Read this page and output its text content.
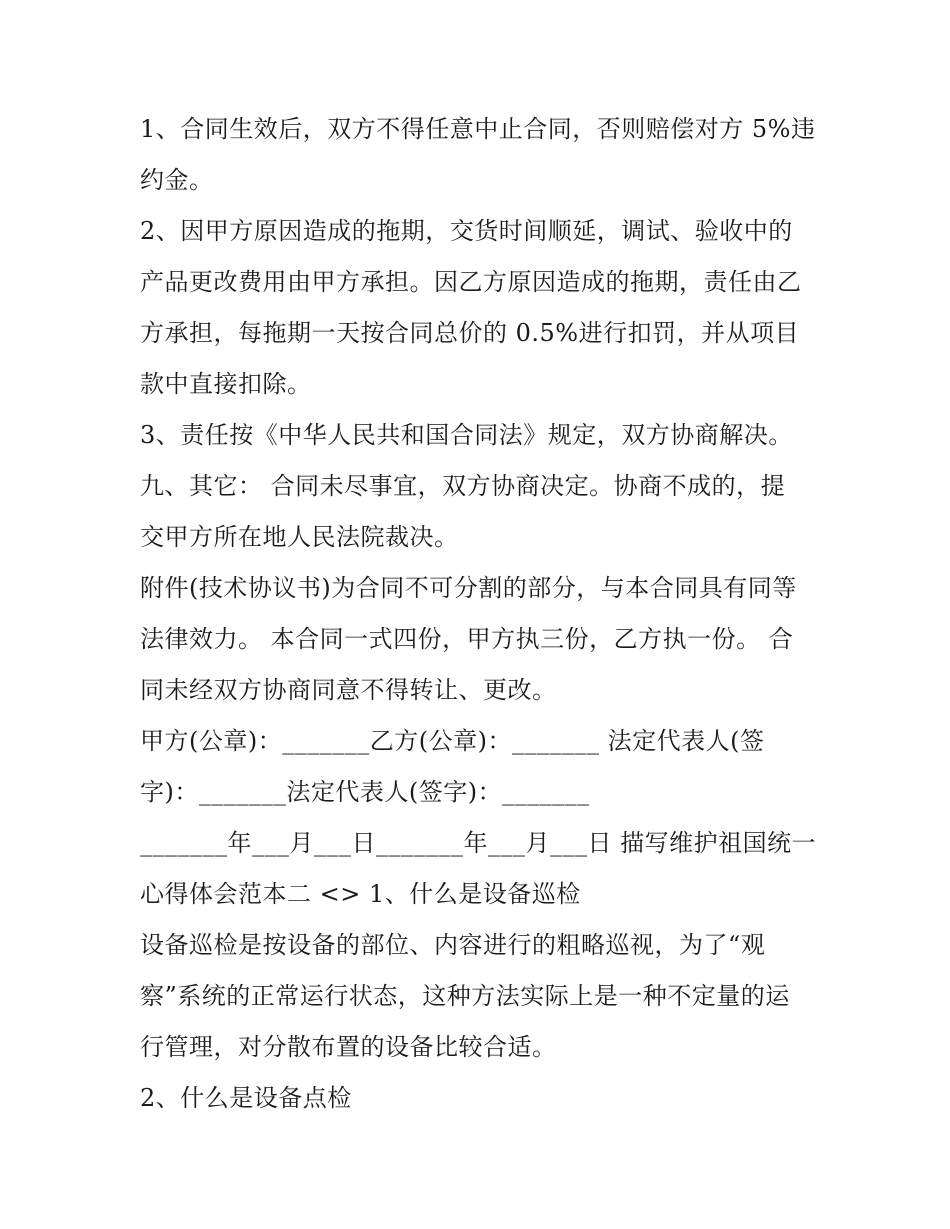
1、合同生效后，双方不得任意中止合同，否则赔偿对方 5%违
约金。
2、因甲方原因造成的拖期，交货时间顺延，调试、验收中的
产品更改费用由甲方承担。因乙方原因造成的拖期，责任由乙
方承担，每拖期一天按合同总价的 0.5%进行扣罚，并从项目
款中直接扣除。
3、责任按《中华人民共和国合同法》规定，双方协商解决。
九、其它： 合同未尽事宜，双方协商决定。协商不成的，提
交甲方所在地人民法院裁决。
附件(技术协议书)为合同不可分割的部分，与本合同具有同等
法律效力。 本合同一式四份，甲方执三份，乙方执一份。 合
同未经双方协商同意不得转让、更改。
甲方(公章)：_______乙方(公章)：_______ 法定代表人(签
字)：_______法定代表人(签字)：_______
_______年___月___日_______年___月___日 描写维护祖国统一
心得体会范本二 <> 1、什么是设备巡检
设备巡检是按设备的部位、内容进行的粗略巡视，为了“观
察”系统的正常运行状态，这种方法实际上是一种不定量的运
行管理，对分散布置的设备比较合适。
2、什么是设备点检
